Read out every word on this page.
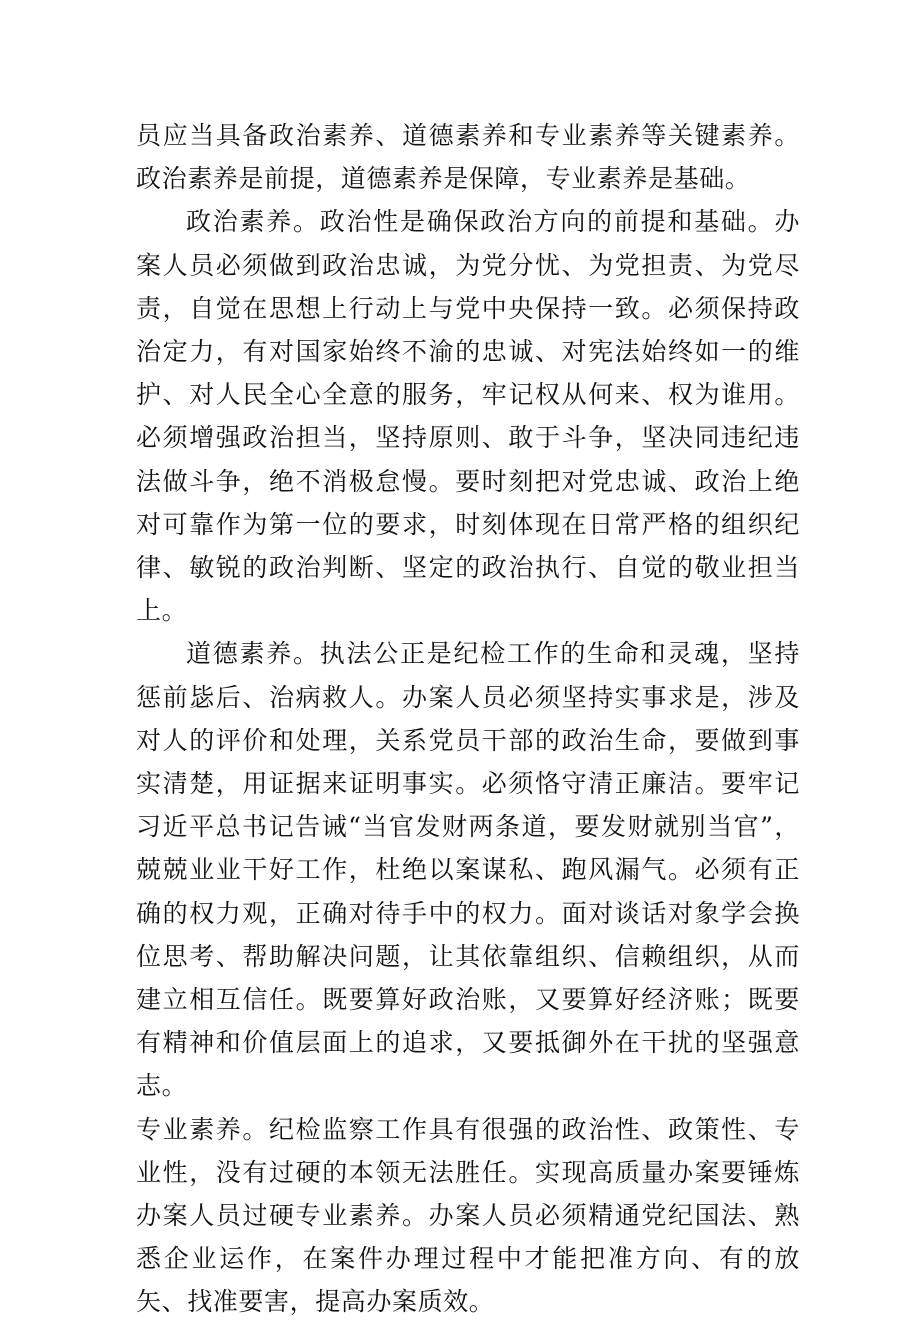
员应当具备政治素养、道德素养和专业素养等关键素养。政治素养是前提，道德素养是保障，专业素养是基础。

政治素养。政治性是确保政治方向的前提和基础。办案人员必须做到政治忠诚，为党分忧、为党担责、为党尽责，自觉在思想上行动上与党中央保持一致。必须保持政治定力，有对国家始终不渝的忠诚、对宪法始终如一的维护、对人民全心全意的服务，牢记权从何来、权为谁用。必须增强政治担当，坚持原则、敢于斗争，坚决同违纪违法做斗争，绝不消极怠慢。要时刻把对党忠诚、政治上绝对可靠作为第一位的要求，时刻体现在日常严格的组织纪律、敏锐的政治判断、坚定的政治执行、自觉的敬业担当上。

道德素养。执法公正是纪检工作的生命和灵魂，坚持惩前毖后、治病救人。办案人员必须坚持实事求是，涉及对人的评价和处理，关系党员干部的政治生命，要做到事实清楚，用证据来证明事实。必须恪守清正廉洁。要牢记习近平总书记告诫“当官发财两条道，要发财就别当官”，兢兢业业干好工作，杜绝以案谋私、跑风漏气。必须有正确的权力观，正确对待手中的权力。面对谈话对象学会换位思考、帮助解决问题，让其依靠组织、信赖组织，从而建立相互信任。既要算好政治账，又要算好经济账；既要有精神和价值层面上的追求，又要抵御外在干扰的坚强意志。

专业素养。纪检监察工作具有很强的政治性、政策性、专业性，没有过硬的本领无法胜任。实现高质量办案要锤炼办案人员过硬专业素养。办案人员必须精通党纪国法、熟悉企业运作，在案件办理过程中才能把准方向、有的放矢、找准要害，提高办案质效。
